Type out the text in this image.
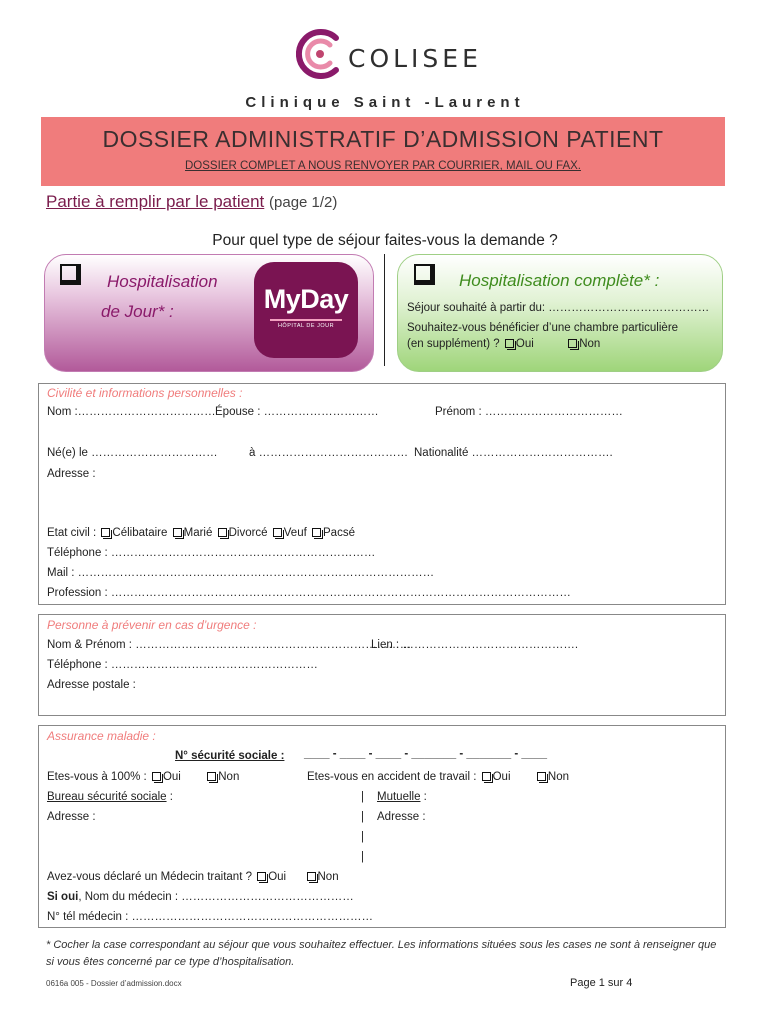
COLISEE
Clinique Saint -Laurent
DOSSIER ADMINISTRATIF D’ADMISSION PATIENT
DOSSIER COMPLET A NOUS RENVOYER PAR COURRIER, MAIL OU FAX.
Partie à remplir par le patient (page 1/2)
Pour quel type de séjour faites-vous la demande ?
Hospitalisation
de Jour* :	MyDay
HÔPITAL DE JOUR
Hospitalisation complète* :
Séjour souhaité à partir du: ……………………………………
Souhaitez-vous bénéficier d’une chambre particulière
(en supplément) ? Oui	Non
Civilité et informations personnelles :
Nom :……………………………… Épouse : …………………………	Prénom : ………………………………
Né(e) le ……………………………	à ………………………………… Nationalité ……………………………….
Adresse :
Etat civil : Célibataire Marié Divorcé Veuf Pacsé
Téléphone : ……………………………………………………………
Mail : …………………………………………………………………………………
Profession : …………………………………………………………………………………………………………
Personne à prévenir en cas d’urgence :
Nom & Prénom : ………………………………………………………………
Lien : ……………………………………….
Téléphone : ………………………………………………
Adresse postale :
Assurance maladie :
N° sécurité sociale : ____ - ____ - ____ - _______ - _______ - ____
Etes-vous à 100% : Oui	Non	Etes-vous en accident de travail : Oui	Non
Bureau sécurité sociale :	| Mutuelle :
Adresse :	| Adresse :
|
|
Avez-vous déclaré un Médecin traitant ? Oui	Non
Si oui, Nom du médecin : ………………………………………
N° tél médecin : ………………………………………………………
* Cocher la case correspondant au séjour que vous souhaitez effectuer. Les informations situées sous les cases ne sont à renseigner que si vous êtes concerné par ce type d’hospitalisation.
0616a 005 - Dossier d’admission.docx	Page 1 sur 4
